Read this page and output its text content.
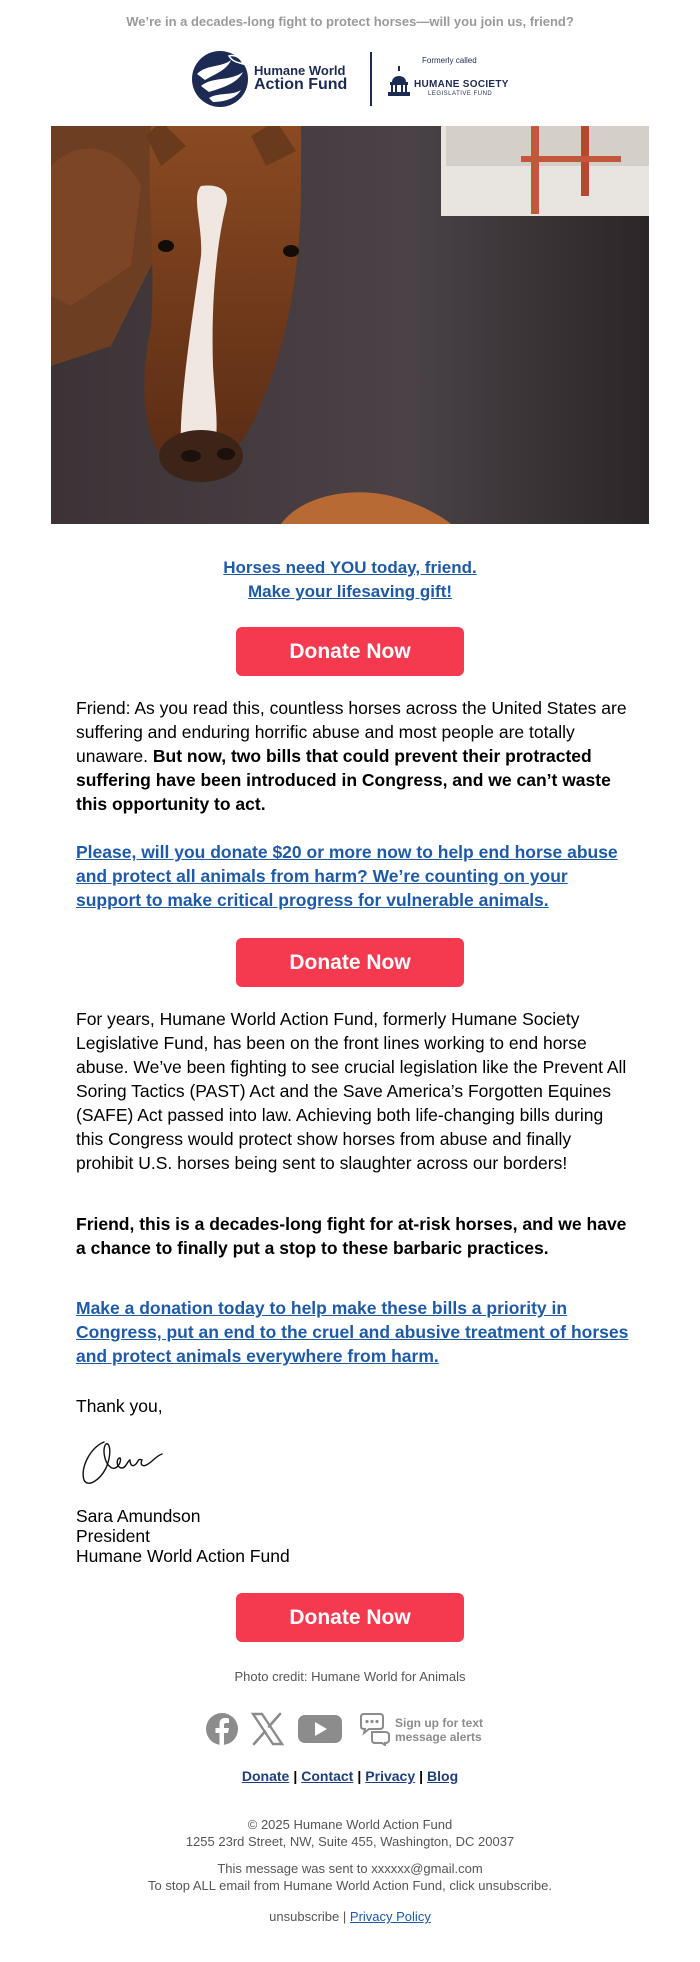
We’re in a decades-long fight to protect horses—will you join us, friend?
Humane World
Action Fund
Formerly called
HUMANE SOCIETY
LEGISLATIVE FUND
Horses need YOU today, friend.
Make your lifesaving gift!
Donate Now
Friend: As you read this, countless horses across the United States are suffering and enduring horrific abuse and most people are totally unaware. But now, two bills that could prevent their protracted suffering have been introduced in Congress, and we can’t waste this opportunity to act.
Please, will you donate $20 or more now to help end horse abuse and protect all animals from harm? We’re counting on your support to make critical progress for vulnerable animals.
Donate Now
For years, Humane World Action Fund, formerly Humane Society Legislative Fund, has been on the front lines working to end horse abuse. We’ve been fighting to see crucial legislation like the Prevent All Soring Tactics (PAST) Act and the Save America’s Forgotten Equines (SAFE) Act passed into law. Achieving both life-changing bills during this Congress would protect show horses from abuse and finally prohibit U.S. horses being sent to slaughter across our borders!
Friend, this is a decades-long fight for at-risk horses, and we have a chance to finally put a stop to these barbaric practices.
Make a donation today to help make these bills a priority in Congress, put an end to the cruel and abusive treatment of horses and protect animals everywhere from harm.
Thank you,
Sara Amundson
President
Humane World Action Fund
Donate Now
Photo credit: Humane World for Animals
Sign up for text
message alerts
Donate | Contact | Privacy | Blog
© 2025 Humane World Action Fund
1255 23rd Street, NW, Suite 455, Washington, DC 20037
This message was sent to xxxxxx@gmail.com
To stop ALL email from Humane World Action Fund, click unsubscribe.
unsubscribe | Privacy Policy
